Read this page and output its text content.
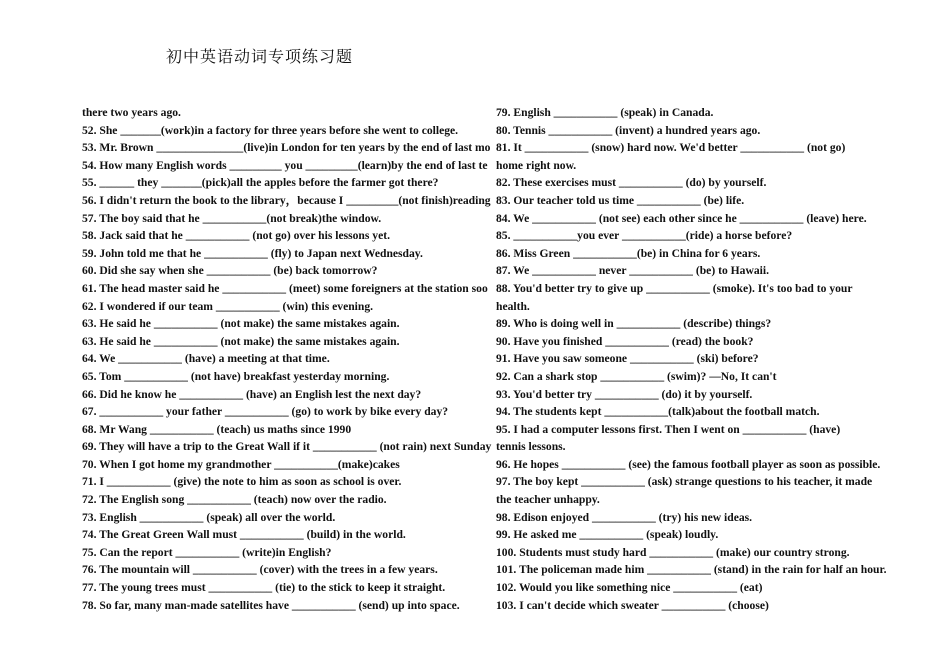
初中英语动词专项练习题
there two years ago.
52. She _______(work)in a factory for three years before she went to college.
53. Mr. Brown _______________(live)in London for ten years by the end of last mo
54. How many English words _________ you _________(learn)by the end of last te
55. ______ they _______(pick)all the apples before the farmer got there?
56. I didn't return the book to the library，because I _________(not finish)reading
57. The boy said that he ___________(not break)the window.
58. Jack said that he ___________ (not go) over his lessons yet.
59. John told me that he ___________ (fly) to Japan next Wednesday.
60. Did she say when she ___________ (be) back tomorrow?
61. The head master said he ___________ (meet) some foreigners at the station soo
62. I wondered if our team ___________ (win) this evening.
63. He said he ___________ (not make) the same mistakes again.
63. He said he ___________ (not make) the same mistakes again.
64. We ___________ (have) a meeting at that time.
65. Tom ___________ (not have) breakfast yesterday morning.
66. Did he know he ___________ (have) an English lest the next day?
67. ___________ your father ___________ (go) to work by bike every day?
68. Mr Wang ___________ (teach) us maths since 1990
69. They will have a trip to the Great Wall if it ___________ (not rain) next Sunday
70. When I got home my grandmother ___________(make)cakes
71. I ___________ (give) the note to him as soon as school is over.
72. The English song ___________ (teach) now over the radio.
73. English ___________ (speak) all over the world.
74. The Great Green Wall must ___________ (build) in the world.
75. Can the report ___________ (write)in English?
76. The mountain will ___________ (cover) with the trees in a few years.
77. The young trees must ___________ (tie) to the stick to keep it straight.
78. So far, many man-made satellites have ___________ (send) up into space.
79. English ___________ (speak) in Canada.
80. Tennis ___________ (invent) a hundred years ago.
81. It ___________ (snow) hard now. We'd better ___________ (not go)
home right now.
82. These exercises must ___________ (do) by yourself.
83. Our teacher told us time ___________ (be) life.
84. We ___________ (not see) each other since he ___________ (leave) here.
85. ___________you ever ___________(ride) a horse before?
86. Miss Green ___________(be) in China for 6 years.
87. We ___________ never ___________ (be) to Hawaii.
88. You'd better try to give up ___________ (smoke). It's too bad to your
health.
89. Who is doing well in ___________ (describe) things?
90. Have you finished ___________ (read) the book?
91. Have you saw someone ___________ (ski) before?
92. Can a shark stop ___________ (swim)? —No, It can't
93. You'd better try ___________ (do) it by yourself.
94. The students kept ___________(talk)about the football match.
95. I had a computer lessons first. Then I went on ___________ (have)
tennis lessons.
96. He hopes ___________ (see) the famous football player as soon as possible.
97. The boy kept ___________ (ask) strange questions to his teacher, it made
the teacher unhappy.
98. Edison enjoyed ___________ (try) his new ideas.
99. He asked me ___________ (speak) loudly.
100. Students must study hard ___________ (make) our country strong.
101. The policeman made him ___________ (stand) in the rain for half an hour.
102. Would you like something nice ___________ (eat)
103. I can't decide which sweater ___________ (choose)
